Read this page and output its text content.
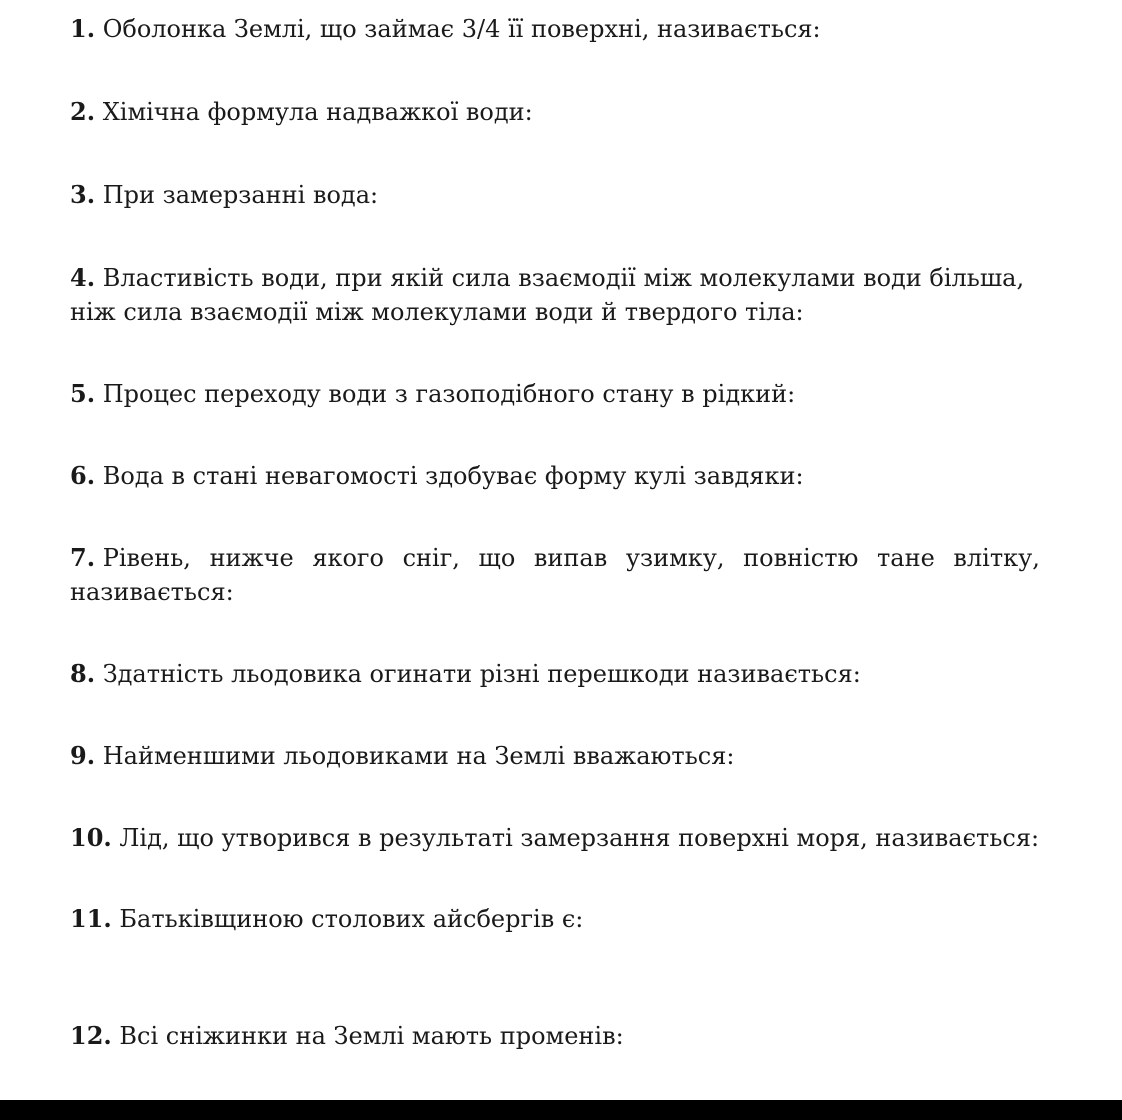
1. Оболонка Землі, що займає 3/4 її поверхні, називається:
2. Хімічна формула надважкої води:
3. При замерзанні вода:
4. Властивість води, при якій сила взаємодії між молекулами води більша,
ніж сила взаємодії між молекулами води й твердого тіла:
5. Процес переходу води з газоподібного стану в рідкий:
6. Вода в стані невагомості здобуває форму кулі завдяки:
7. Рівень, нижче якого сніг, що випав узимку, повністю тане влітку,
називається:
8. Здатність льодовика огинати різні перешкоди називається:
9. Найменшими льодовиками на Землі вважаються:
10. Лід, що утворився в результаті замерзання поверхні моря, називається:
11. Батьківщиною столових айсбергів є:
12. Всі сніжинки на Землі мають променів:
